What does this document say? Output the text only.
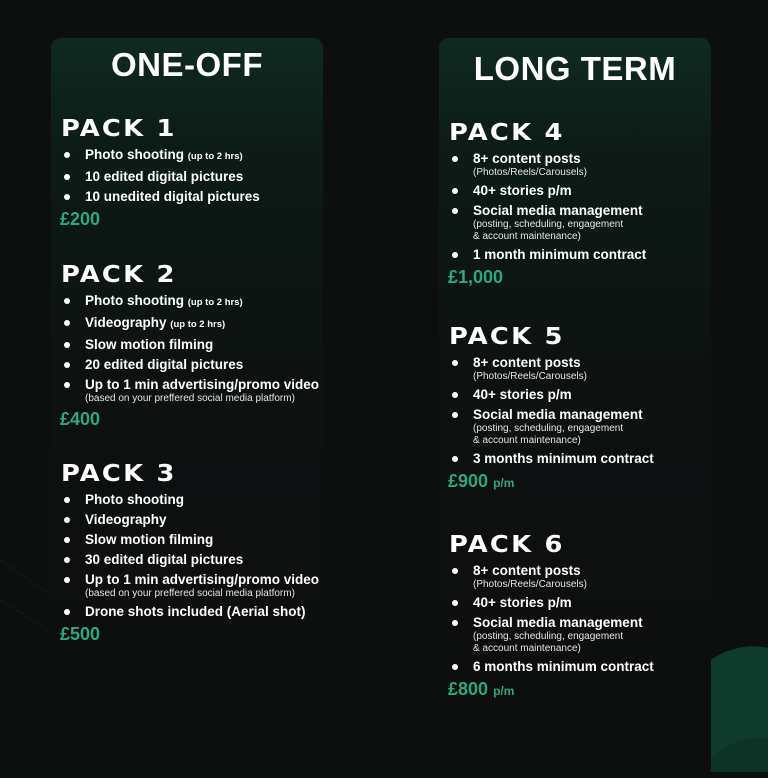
ONE-OFF
PACK 1
Photo shooting (up to 2 hrs)
10 edited digital pictures
10 unedited digital pictures
£200
PACK 2
Photo shooting (up to 2 hrs)
Videography (up to 2 hrs)
Slow motion filming
20 edited digital pictures
Up to 1 min advertising/promo video
(based on your preffered social media platform)
£400
PACK 3
Photo shooting
Videography
Slow motion filming
30 edited digital pictures
Up to 1 min advertising/promo video
(based on your preffered social media platform)
Drone shots included (Aerial shot)
£500
LONG TERM
PACK 4
8+ content posts
(Photos/Reels/Carousels)
40+ stories p/m
Social media management
(posting, scheduling, engagement
& account maintenance)
1 month minimum contract
£1,000
PACK 5
8+ content posts
(Photos/Reels/Carousels)
40+ stories p/m
Social media management
(posting, scheduling, engagement
& account maintenance)
3 months minimum contract
£900 p/m
PACK 6
8+ content posts
(Photos/Reels/Carousels)
40+ stories p/m
Social media management
(posting, scheduling, engagement
& account maintenance)
6 months minimum contract
£800 p/m
